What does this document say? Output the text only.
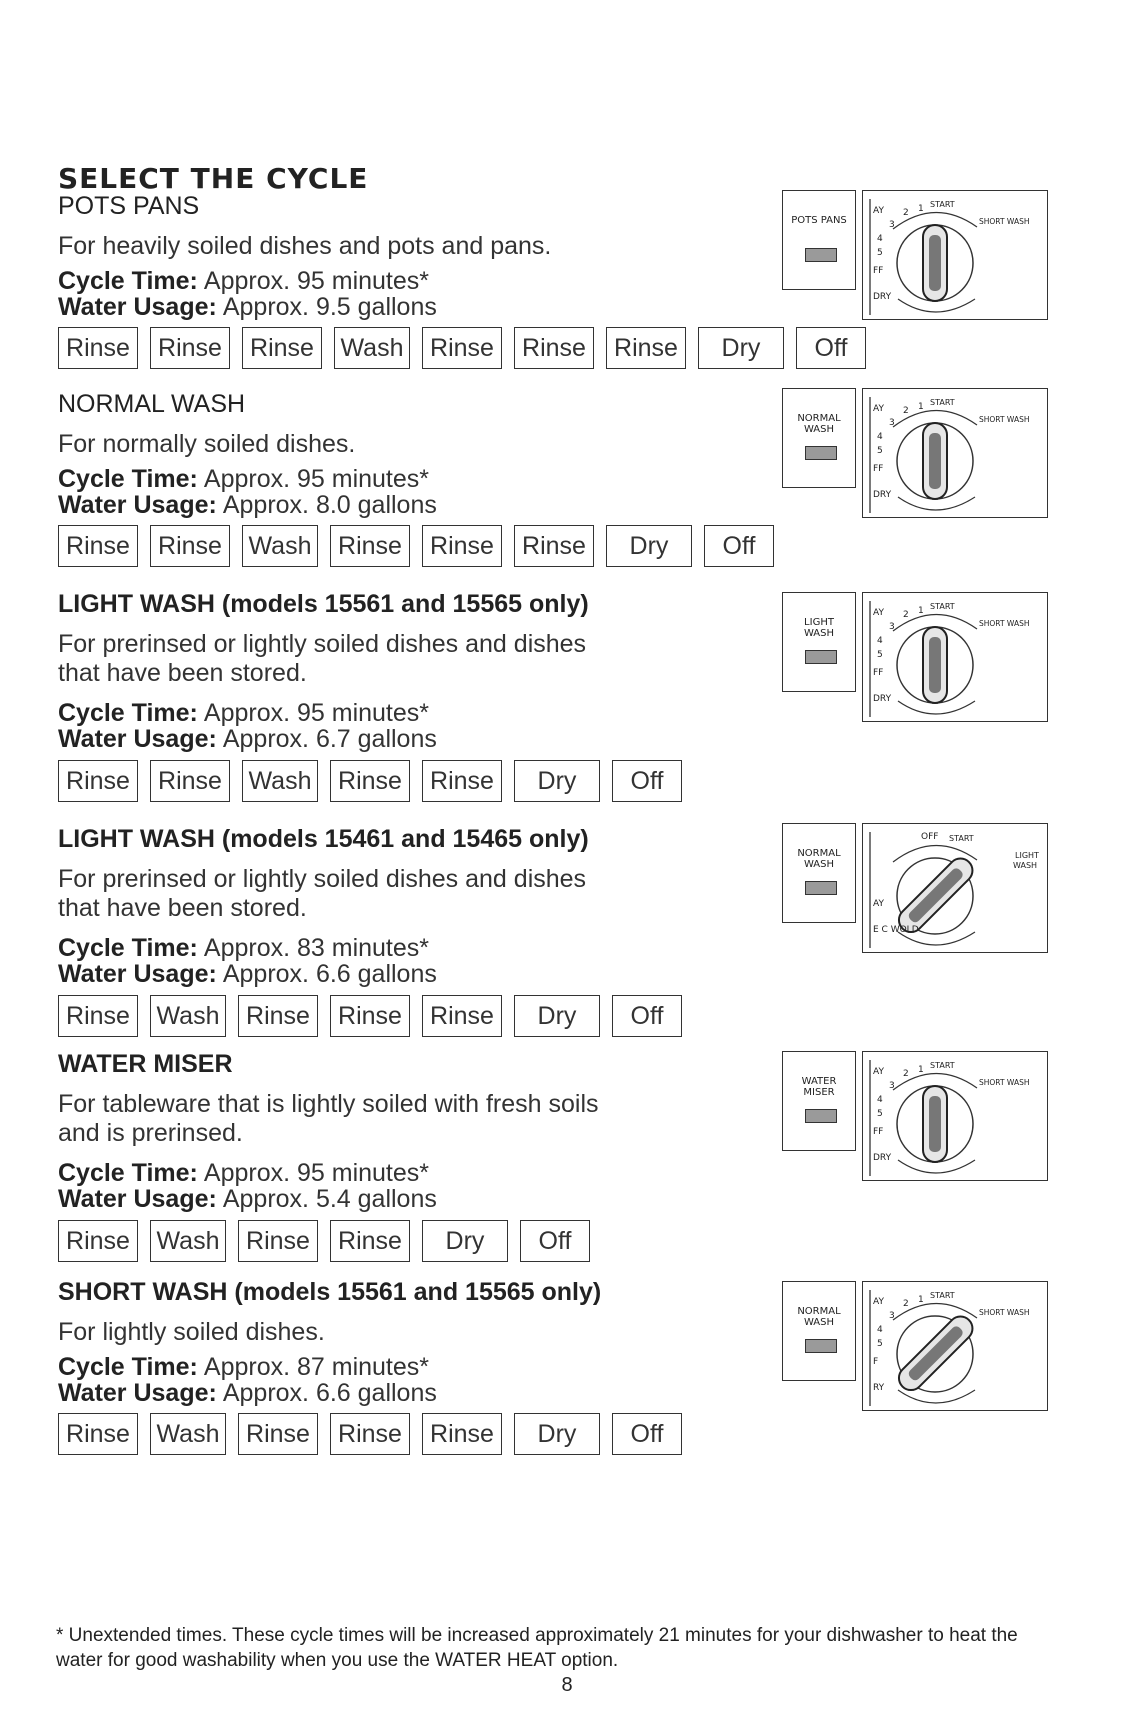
SELECT THE CYCLE
POTS PANS
For heavily soiled dishes and pots and pans.
Cycle Time: Approx. 95 minutes*
Water Usage: Approx. 9.5 gallons
Rinse	Rinse	Rinse	Wash	Rinse	Rinse	Rinse	Dry	Off
POTS PANS
AY 2 1 START
SHORT WASH
3
4
5
FF
DRY
NORMAL WASH
For normally soiled dishes.
Cycle Time: Approx. 95 minutes*
Water Usage: Approx. 8.0 gallons
Rinse	Rinse	Wash	Rinse	Rinse	Rinse	Dry	Off
NORMAL WASH
AY 2 1 START
SHORT WASH
3
4
5
FF
DRY
LIGHT WASH (models 15561 and 15565 only)
For prerinsed or lightly soiled dishes and dishes that have been stored.
Cycle Time: Approx. 95 minutes*
Water Usage: Approx. 6.7 gallons
Rinse	Rinse	Wash	Rinse	Rinse	Dry	Off
LIGHT WASH
AY 2 1 START
SHORT WASH
3
4
5
FF
DRY
LIGHT WASH (models 15461 and 15465 only)
For prerinsed or lightly soiled dishes and dishes that have been stored.
Cycle Time: Approx. 83 minutes*
Water Usage: Approx. 6.6 gallons
Rinse	Wash	Rinse	Rinse	Rinse	Dry	Off
NORMAL WASH
OFF START
LIGHT
WASH
AY
E C WOLD
WATER MISER
For tableware that is lightly soiled with fresh soils and is prerinsed.
Cycle Time: Approx. 95 minutes*
Water Usage: Approx. 5.4 gallons
Rinse	Wash	Rinse	Rinse	Dry	Off
WATER MISER
AY 2 1 START
SHORT WASH
3
4
5
FF
DRY
SHORT WASH (models 15561 and 15565 only)
For lightly soiled dishes.
Cycle Time: Approx. 87 minutes*
Water Usage: Approx. 6.6 gallons
Rinse	Wash	Rinse	Rinse	Rinse	Dry	Off
NORMAL WASH
AY 2 1 START
SHORT WASH
3
4
5
F
RY
* Unextended times. These cycle times will be increased approximately 21 minutes for your dishwasher to heat the water for good washability when you use the WATER HEAT option.
8
